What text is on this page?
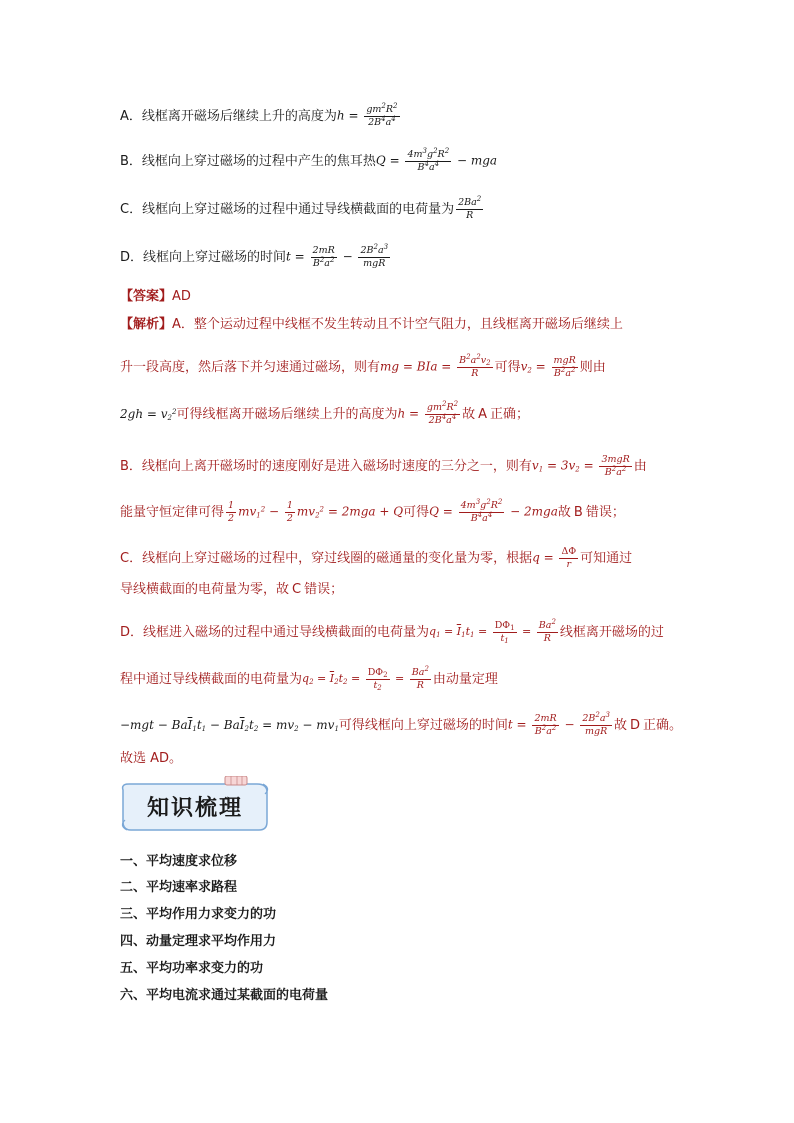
A．线框离开磁场后继续上升的高度为 $h = \frac{gm^2R^2}{2B^4a^4}$
B．线框向上穿过磁场的过程中产生的焦耳热 $Q = \frac{4m^3g^2R^2}{B^4a^4}$ − mga
C．线框向上穿过磁场的过程中通过导线横截面的电荷量为 $\frac{2Ba^2}{R}$
D．线框向上穿过磁场的时间 $t = \frac{2mR}{B^2a^2} - \frac{2B^2a^3}{\text{mgR}}$
【答案】 AD
【解析】 A．整个运动过程中线框不发生转动且不计空气阻力，且线框离开磁场后继续上
升一段高度，然后落下并匀速通过磁场，则有 mg = BIa = $\frac{B^2a^2v_2}{R}$ 可得 $v_2 = \frac{\text{mgR}}{B^2a^2}$ 则由
$2gh = v_2^2$ 可得线框离开磁场后继续上升的高度为 $h = \frac{gm^2R^2}{2B^4a^4}$ 故 A 正确；
B．线框向上离开磁场时的速度刚好是进入磁场时速度的三分之一，则有 $v_1 = 3v_2 = \frac{\text{3mgR}}{B^2a^2}$ 由
能量守恒定律可得 $\frac{1}{2} mv_1^2 - \frac{1}{2} mv_2^2 = 2mga + Q$ 可得 $Q = \frac{4m^3g^2R^2}{B^4a^4} - 2mga$ 故 B 错误；
C．线框向上穿过磁场的过程中，穿过线圈的磁通量的变化量为零，根据 $q = \frac{\Delta\Phi}{r}$ 可知通过
导线横截面的电荷量为零，故 C 错误；
D．线框进入磁场的过程中通过导线横截面的电荷量为 $q_1 = \overline{I}_1t_1 = \frac{D\Phi_1}{t_1} = \frac{Ba^2}{R}$ 线框离开磁场的过
程中通过导线横截面的电荷量为 $q_2 = \overline{I}_2t_2 = \frac{D\Phi_2}{t_2} = \frac{Ba^2}{R}$ 由动量定理
$-mgt - Ba\overline{I}_1t_1 - Ba\overline{I}_2t_2 = mv_2 - mv_1$ 可得线框向上穿过磁场的时间 $t = \frac{2mR}{B^2a^2} - \frac{2B^2a^3}{\text{mgR}}$ 故 D 正确。
故选 AD。
知识梳理
一、平均速度求位移
二、平均速率求路程
三、平均作用力求变力的功
四、动量定理求平均作用力
五、平均功率求变力的功
六、平均电流求通过某截面的电荷量
